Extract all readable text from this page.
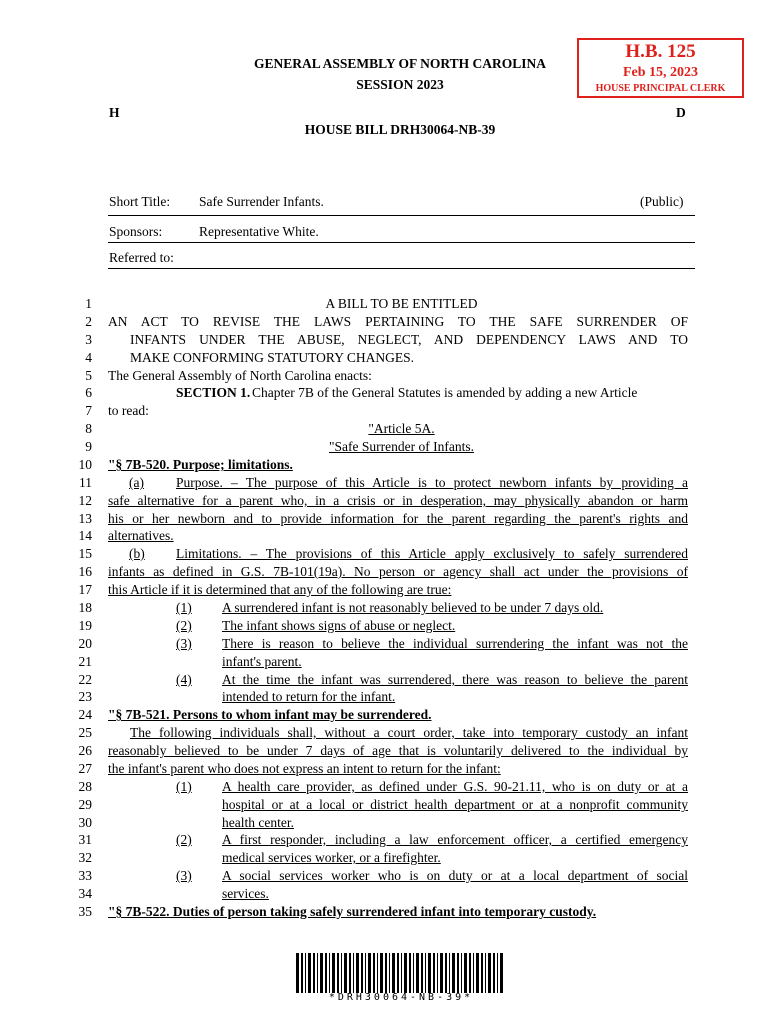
H.B. 125
Feb 15, 2023
HOUSE PRINCIPAL CLERK
GENERAL ASSEMBLY OF NORTH CAROLINA
SESSION 2023
H	D
HOUSE BILL DRH30064-NB-39
Short Title: Safe Surrender Infants.	(Public)
Sponsors:	Representative White.
Referred to:
1
2
3
4
5
6
7
8
9
10
11
12
13
14
15
16
17
18
19
20
21
22
23
24
25
26
27
28
29
30
31
32
33
34
35
A BILL TO BE ENTITLED
AN ACT TO REVISE THE LAWS PERTAINING TO THE SAFE SURRENDER OF
INFANTS UNDER THE ABUSE, NEGLECT, AND DEPENDENCY LAWS AND TO
MAKE CONFORMING STATUTORY CHANGES.
The General Assembly of North Carolina enacts:
SECTION 1. Chapter 7B of the General Statutes is amended by adding a new Article
to read:
"Article 5A.
"Safe Surrender of Infants.
"§ 7B-520. Purpose; limitations.
(a) Purpose. – The purpose of this Article is to protect newborn infants by providing a
safe alternative for a parent who, in a crisis or in desperation, may physically abandon or harm
his or her newborn and to provide information for the parent regarding the parent's rights and
alternatives.
(b) Limitations. – The provisions of this Article apply exclusively to safely surrendered
infants as defined in G.S. 7B-101(19a). No person or agency shall act under the provisions of
this Article if it is determined that any of the following are true:
(1) A surrendered infant is not reasonably believed to be under 7 days old.
(2) The infant shows signs of abuse or neglect.
(3) There is reason to believe the individual surrendering the infant was not the
infant's parent.
(4) At the time the infant was surrendered, there was reason to believe the parent
intended to return for the infant.
"§ 7B-521. Persons to whom infant may be surrendered.
The following individuals shall, without a court order, take into temporary custody an infant
reasonably believed to be under 7 days of age that is voluntarily delivered to the individual by
the infant's parent who does not express an intent to return for the infant:
(1) A health care provider, as defined under G.S. 90-21.11, who is on duty or at a
hospital or at a local or district health department or at a nonprofit community
health center.
(2) A first responder, including a law enforcement officer, a certified emergency
medical services worker, or a firefighter.
(3) A social services worker who is on duty or at a local department of social
services.
"§ 7B-522. Duties of person taking safely surrendered infant into temporary custody.
*DRH30064-NB-39*
